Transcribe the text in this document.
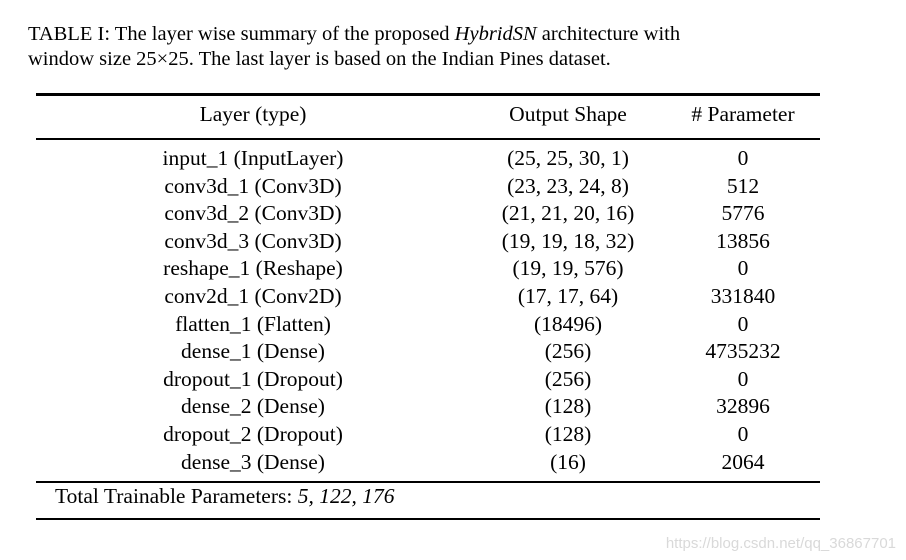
TABLE I: The layer wise summary of the proposed HybridSN architecture with
window size 25×25. The last layer is based on the Indian Pines dataset.
Layer (type)	Output Shape	# Parameter
input_1 (InputLayer)	(25, 25, 30, 1)	0
conv3d_1 (Conv3D)	(23, 23, 24, 8)	512
conv3d_2 (Conv3D)	(21, 21, 20, 16)	5776
conv3d_3 (Conv3D)	(19, 19, 18, 32)	13856
reshape_1 (Reshape)	(19, 19, 576)	0
conv2d_1 (Conv2D)	(17, 17, 64)	331840
flatten_1 (Flatten)	(18496)	0
dense_1 (Dense)	(256)	4735232
dropout_1 (Dropout)	(256)	0
dense_2 (Dense)	(128)	32896
dropout_2 (Dropout)	(128)	0
dense_3 (Dense)	(16)	2064
Total Trainable Parameters: 5, 122, 176
https://blog.csdn.net/qq_36867701
